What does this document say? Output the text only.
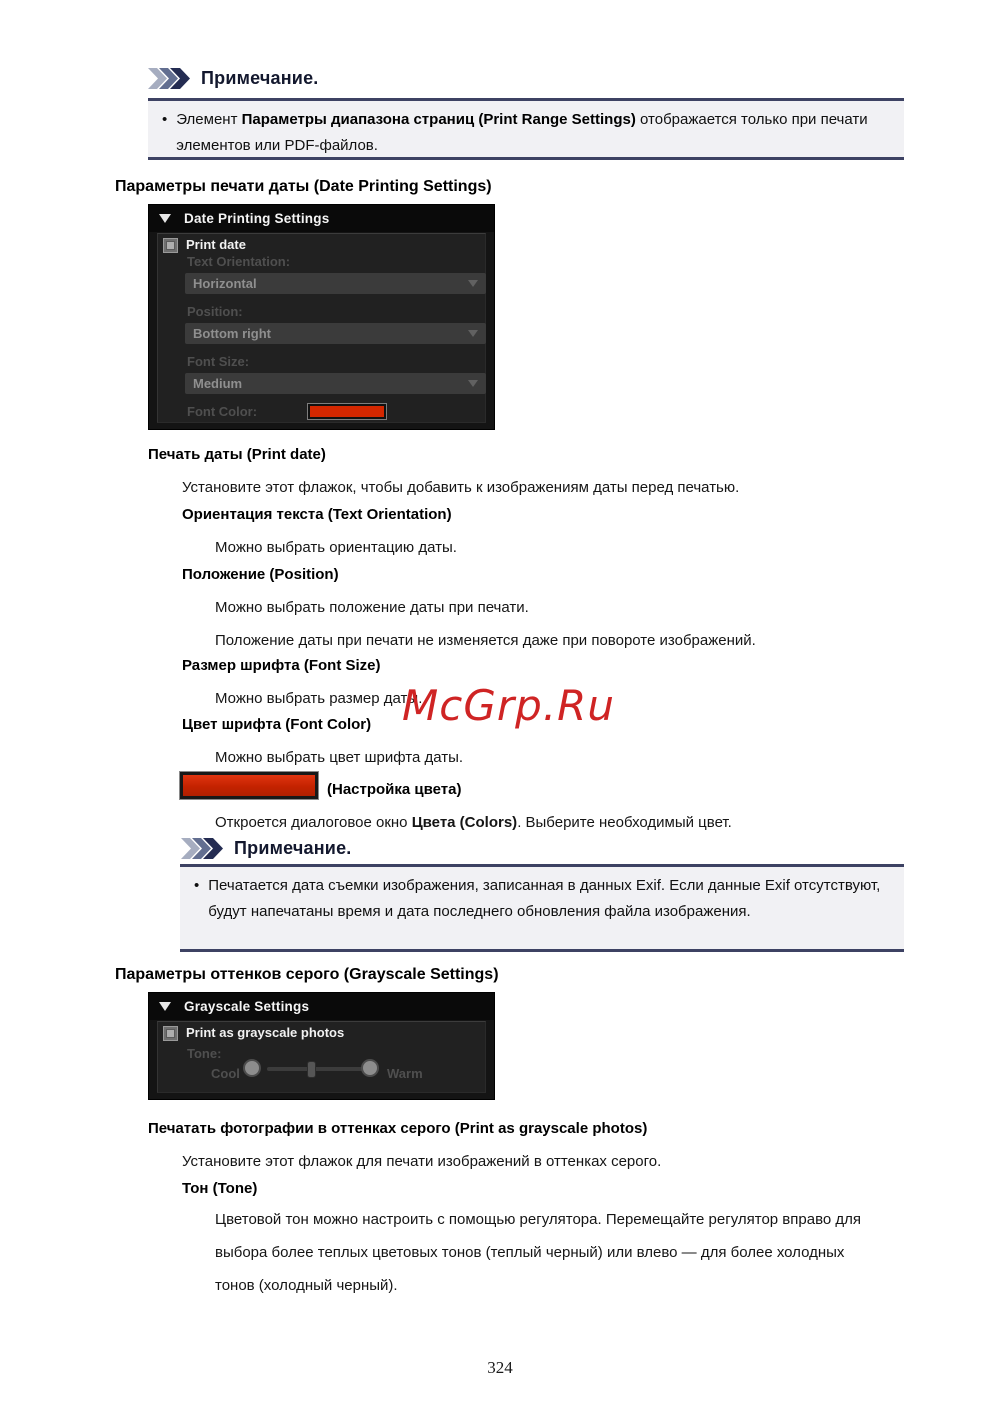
Примечание.
• Элемент Параметры диапазона страниц (Print Range Settings) отображается только при печати элементов или PDF-файлов.
Параметры печати даты (Date Printing Settings)
Date Printing Settings
Print date
Text Orientation:
Horizontal
Position:
Bottom right
Font Size:
Medium
Font Color:
Печать даты (Print date)
Установите этот флажок, чтобы добавить к изображениям даты перед печатью.
Ориентация текста (Text Orientation)
Можно выбрать ориентацию даты.
Положение (Position)
Можно выбрать положение даты при печати.
Положение даты при печати не изменяется даже при повороте изображений.
Размер шрифта (Font Size)
Можно выбрать размер даты.
Цвет шрифта (Font Color)
Можно выбрать цвет шрифта даты.
(Настройка цвета)
Откроется диалоговое окно Цвета (Colors). Выберите необходимый цвет.
Примечание.
• Печатается дата съемки изображения, записанная в данных Exif. Если данные Exif отсутствуют, будут напечатаны время и дата последнего обновления файла изображения.
Параметры оттенков серого (Grayscale Settings)
Grayscale Settings
Print as grayscale photos
Tone:
Cool	Warm
Печатать фотографии в оттенках серого (Print as grayscale photos)
Установите этот флажок для печати изображений в оттенках серого.
Тон (Tone)
Цветовой тон можно настроить с помощью регулятора. Перемещайте регулятор вправо для выбора более теплых цветовых тонов (теплый черный) или влево — для более холодных тонов (холодный черный).
McGrp.Ru
324
